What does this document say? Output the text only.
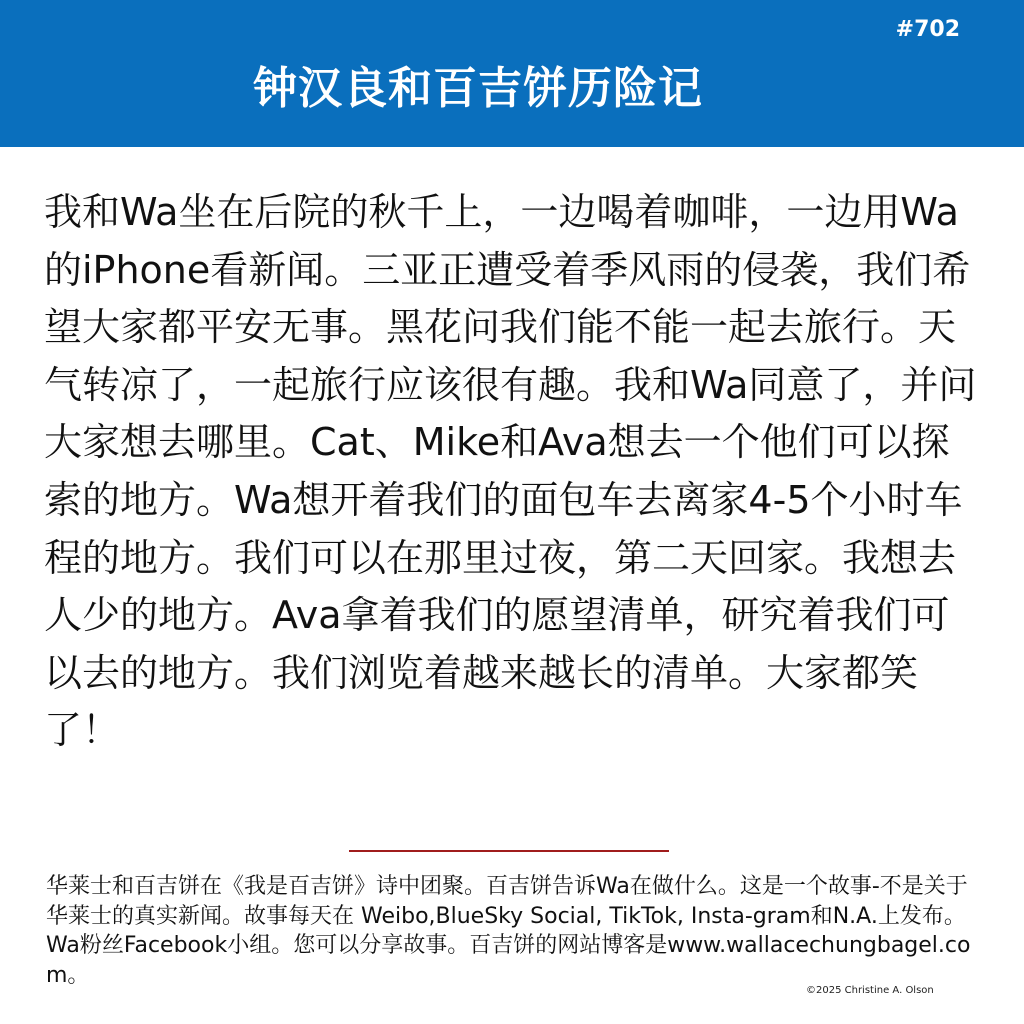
#702
钟汉良和百吉饼历险记

我和Wa坐在后院的秋千上，一边喝着咖啡，一边用Wa的iPhone看新闻。三亚正遭受着季风雨的侵袭，我们希望大家都平安无事。黑花问我们能不能一起去旅行。天气转凉了，一起旅行应该很有趣。我和Wa同意了，并问大家想去哪里。Cat、Mike和Ava想去一个他们可以探索的地方。Wa想开着我们的面包车去离家4-5个小时车程的地方。我们可以在那里过夜，第二天回家。我想去人少的地方。Ava拿着我们的愿望清单，研究着我们可以去的地方。我们浏览着越来越长的清单。大家都笑了！

华莱士和百吉饼在《我是百吉饼》诗中团聚。百吉饼告诉Wa在做什么。这是一个故事-不是关于华莱士的真实新闻。故事每天在 Weibo,BlueSky Social, TikTok, Insta-gram和N.A.上发布。Wa粉丝Facebook小组。您可以分享故事。百吉饼的网站博客是www.wallacechungbagel.com。

©2025 Christine A. Olson
